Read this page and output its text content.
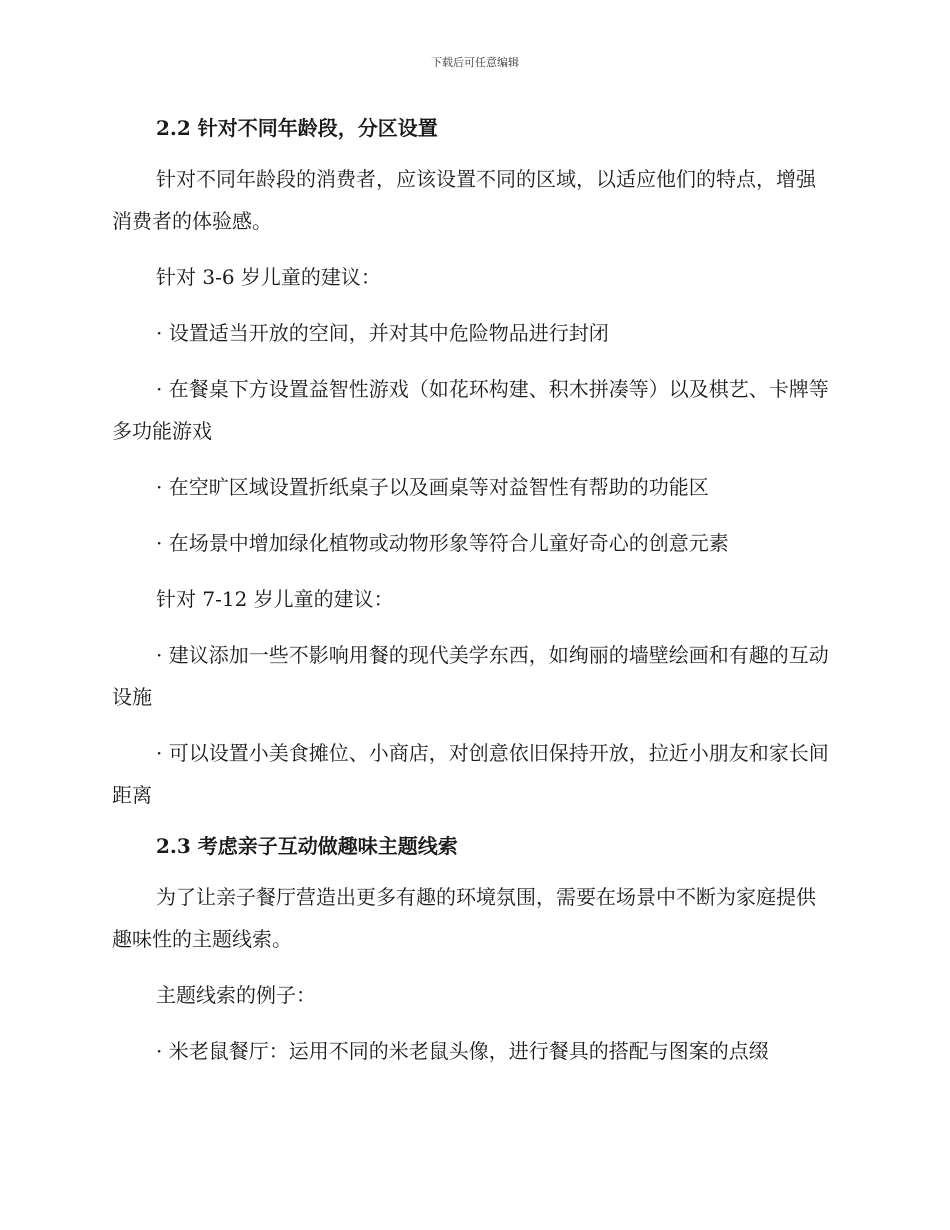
下载后可任意编辑
2.2 针对不同年龄段，分区设置

针对不同年龄段的消费者，应该设置不同的区域，以适应他们的特点，增强消费者的体验感。

针对 3-6 岁儿童的建议：

· 设置适当开放的空间，并对其中危险物品进行封闭

· 在餐桌下方设置益智性游戏（如花环构建、积木拼凑等）以及棋艺、卡牌等多功能游戏

· 在空旷区域设置折纸桌子以及画桌等对益智性有帮助的功能区

· 在场景中增加绿化植物或动物形象等符合儿童好奇心的创意元素

针对 7-12 岁儿童的建议：

· 建议添加一些不影响用餐的现代美学东西，如绚丽的墙壁绘画和有趣的互动设施

· 可以设置小美食摊位、小商店，对创意依旧保持开放，拉近小朋友和家长间距离

2.3 考虑亲子互动做趣味主题线索

为了让亲子餐厅营造出更多有趣的环境氛围，需要在场景中不断为家庭提供趣味性的主题线索。

主题线索的例子：

· 米老鼠餐厅：运用不同的米老鼠头像，进行餐具的搭配与图案的点缀
